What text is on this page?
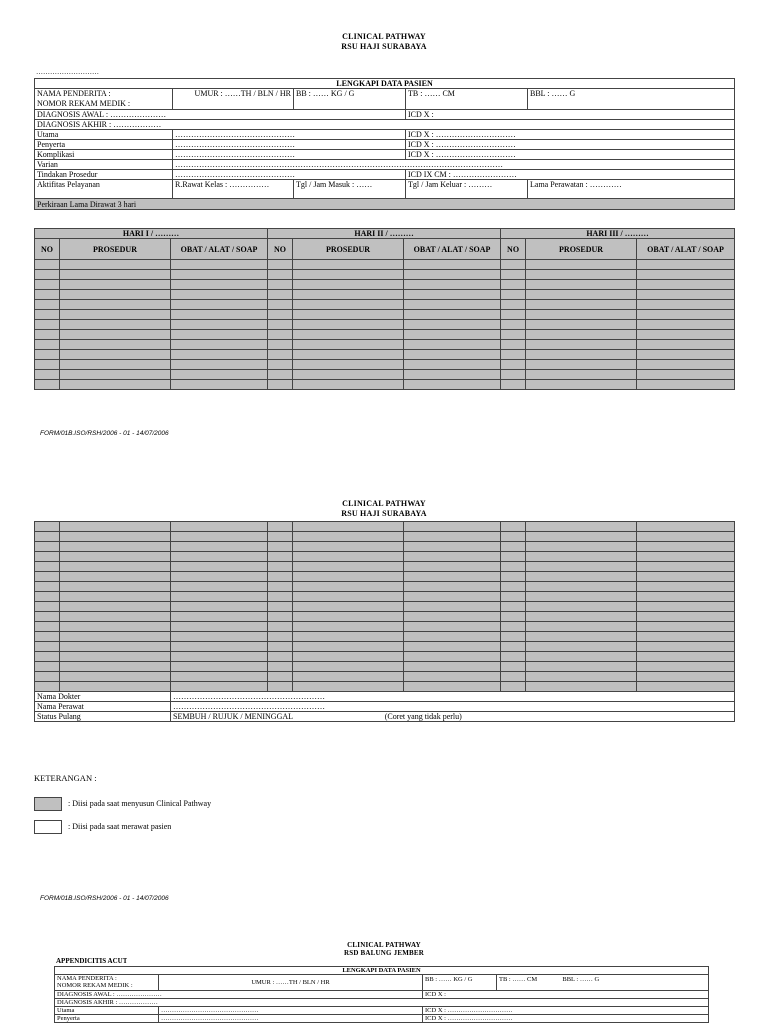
CLINICAL PATHWAY
RSU HAJI SURABAYA
………………………
LENGKAPI DATA PASIEN				

NAMA PENDERITA :
NOMOR REKAM MEDIK :	UMUR : ……TH / BLN / HR	BB : …… KG / G	TB : …… CM	BBL : …… G
DIAGNOSIS AWAL : …………………			ICD X :	
DIAGNOSIS AKHIR : ………………				
Utama	………………………………………		ICD X : …………………………	
Penyerta	………………………………………		ICD X : …………………………	
Komplikasi	………………………………………		ICD X : …………………………	
Varian	……………………………………………………………………………………………………………			
Tindakan Prosedur	………………………………………		ICD IX CM : ……………………	
Aktifitas Pelayanan	R.Rawat Kelas : ……………	Tgl / Jam Masuk : ……	Tgl / Jam Keluar : ………	Lama Perawatan : …………
Perkiraan Lama Dirawat 3 hari				
HARI I / ………			HARI II / ………			HARI III / ………		
NO	PROSEDUR	OBAT / ALAT / SOAP	NO	PROSEDUR	OBAT / ALAT / SOAP	NO	PROSEDUR	OBAT / ALAT / SOAP

FORM/01B.ISO/RSH/2006 - 01 - 14/07/2006
CLINICAL PATHWAY
RSU HAJI SURABAYA

Nama Dokter		…………………………………………………						
Nama Perawat		…………………………………………………						
Status Pulang		SEMBUH / RUJUK / MENINGGAL (Coret yang tidak perlu)						
KETERANGAN :
: Diisi pada saat menyusun Clinical Pathway
: Diisi pada saat merawat pasien
FORM/01B.ISO/RSH/2006 - 01 - 14/07/2006
CLINICAL PATHWAY
RSD BALUNG JEMBER
APPENDICITIS ACUT
LENGKAPI DATA PASIEN			

NAMA PENDERITA :
NOMOR REKAM MEDIK :	UMUR : ……TH / BLN / HR	BB : …… KG / G	TB : …… CM BBL : …… G
DIAGNOSIS AWAL : …………………		ICD X :	
DIAGNOSIS AKHIR : ………………			
Utama	………………………………………	ICD X : …………………………	
Penyerta	………………………………………	ICD X : …………………………	
